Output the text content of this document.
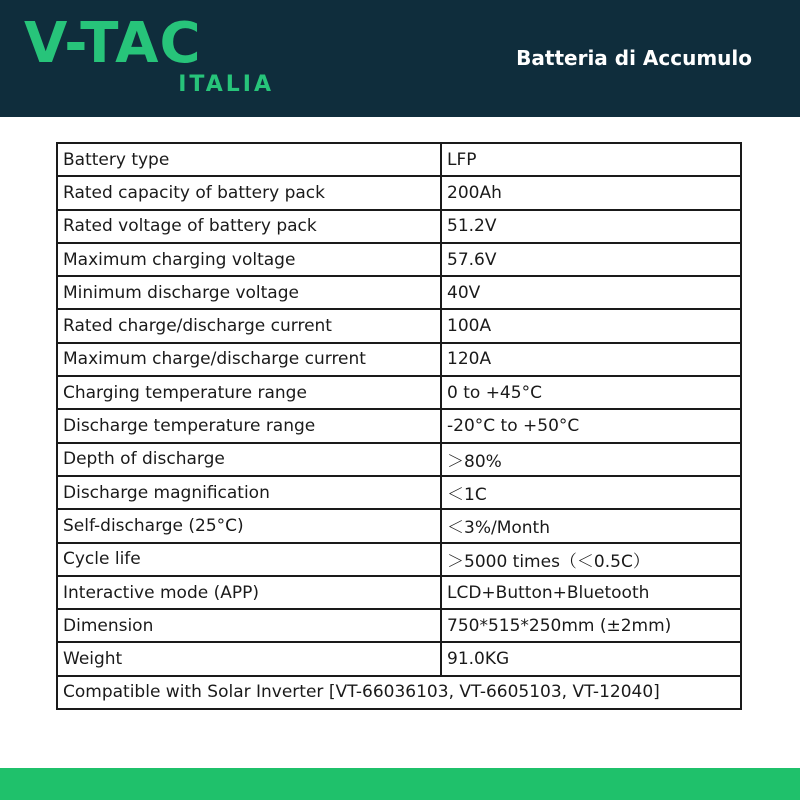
V-TAC
ITALIA
Batteria di Accumulo
Battery type	LFP
Rated capacity of battery pack	200Ah
Rated voltage of battery pack	51.2V
Maximum charging voltage	57.6V
Minimum discharge voltage	40V
Rated charge/discharge current	100A
Maximum charge/discharge current	120A
Charging temperature range	0 to +45°C
Discharge temperature range	-20°C to +50°C
Depth of discharge	＞80%
Discharge magnification	＜1C
Self-discharge (25°C)	＜3%/Month
Cycle life	＞5000 times（＜0.5C）
Interactive mode (APP)	LCD+Button+Bluetooth
Dimension	750*515*250mm (±2mm)
Weight	91.0KG
Compatible with Solar Inverter [VT-66036103, VT-6605103, VT-12040]	
